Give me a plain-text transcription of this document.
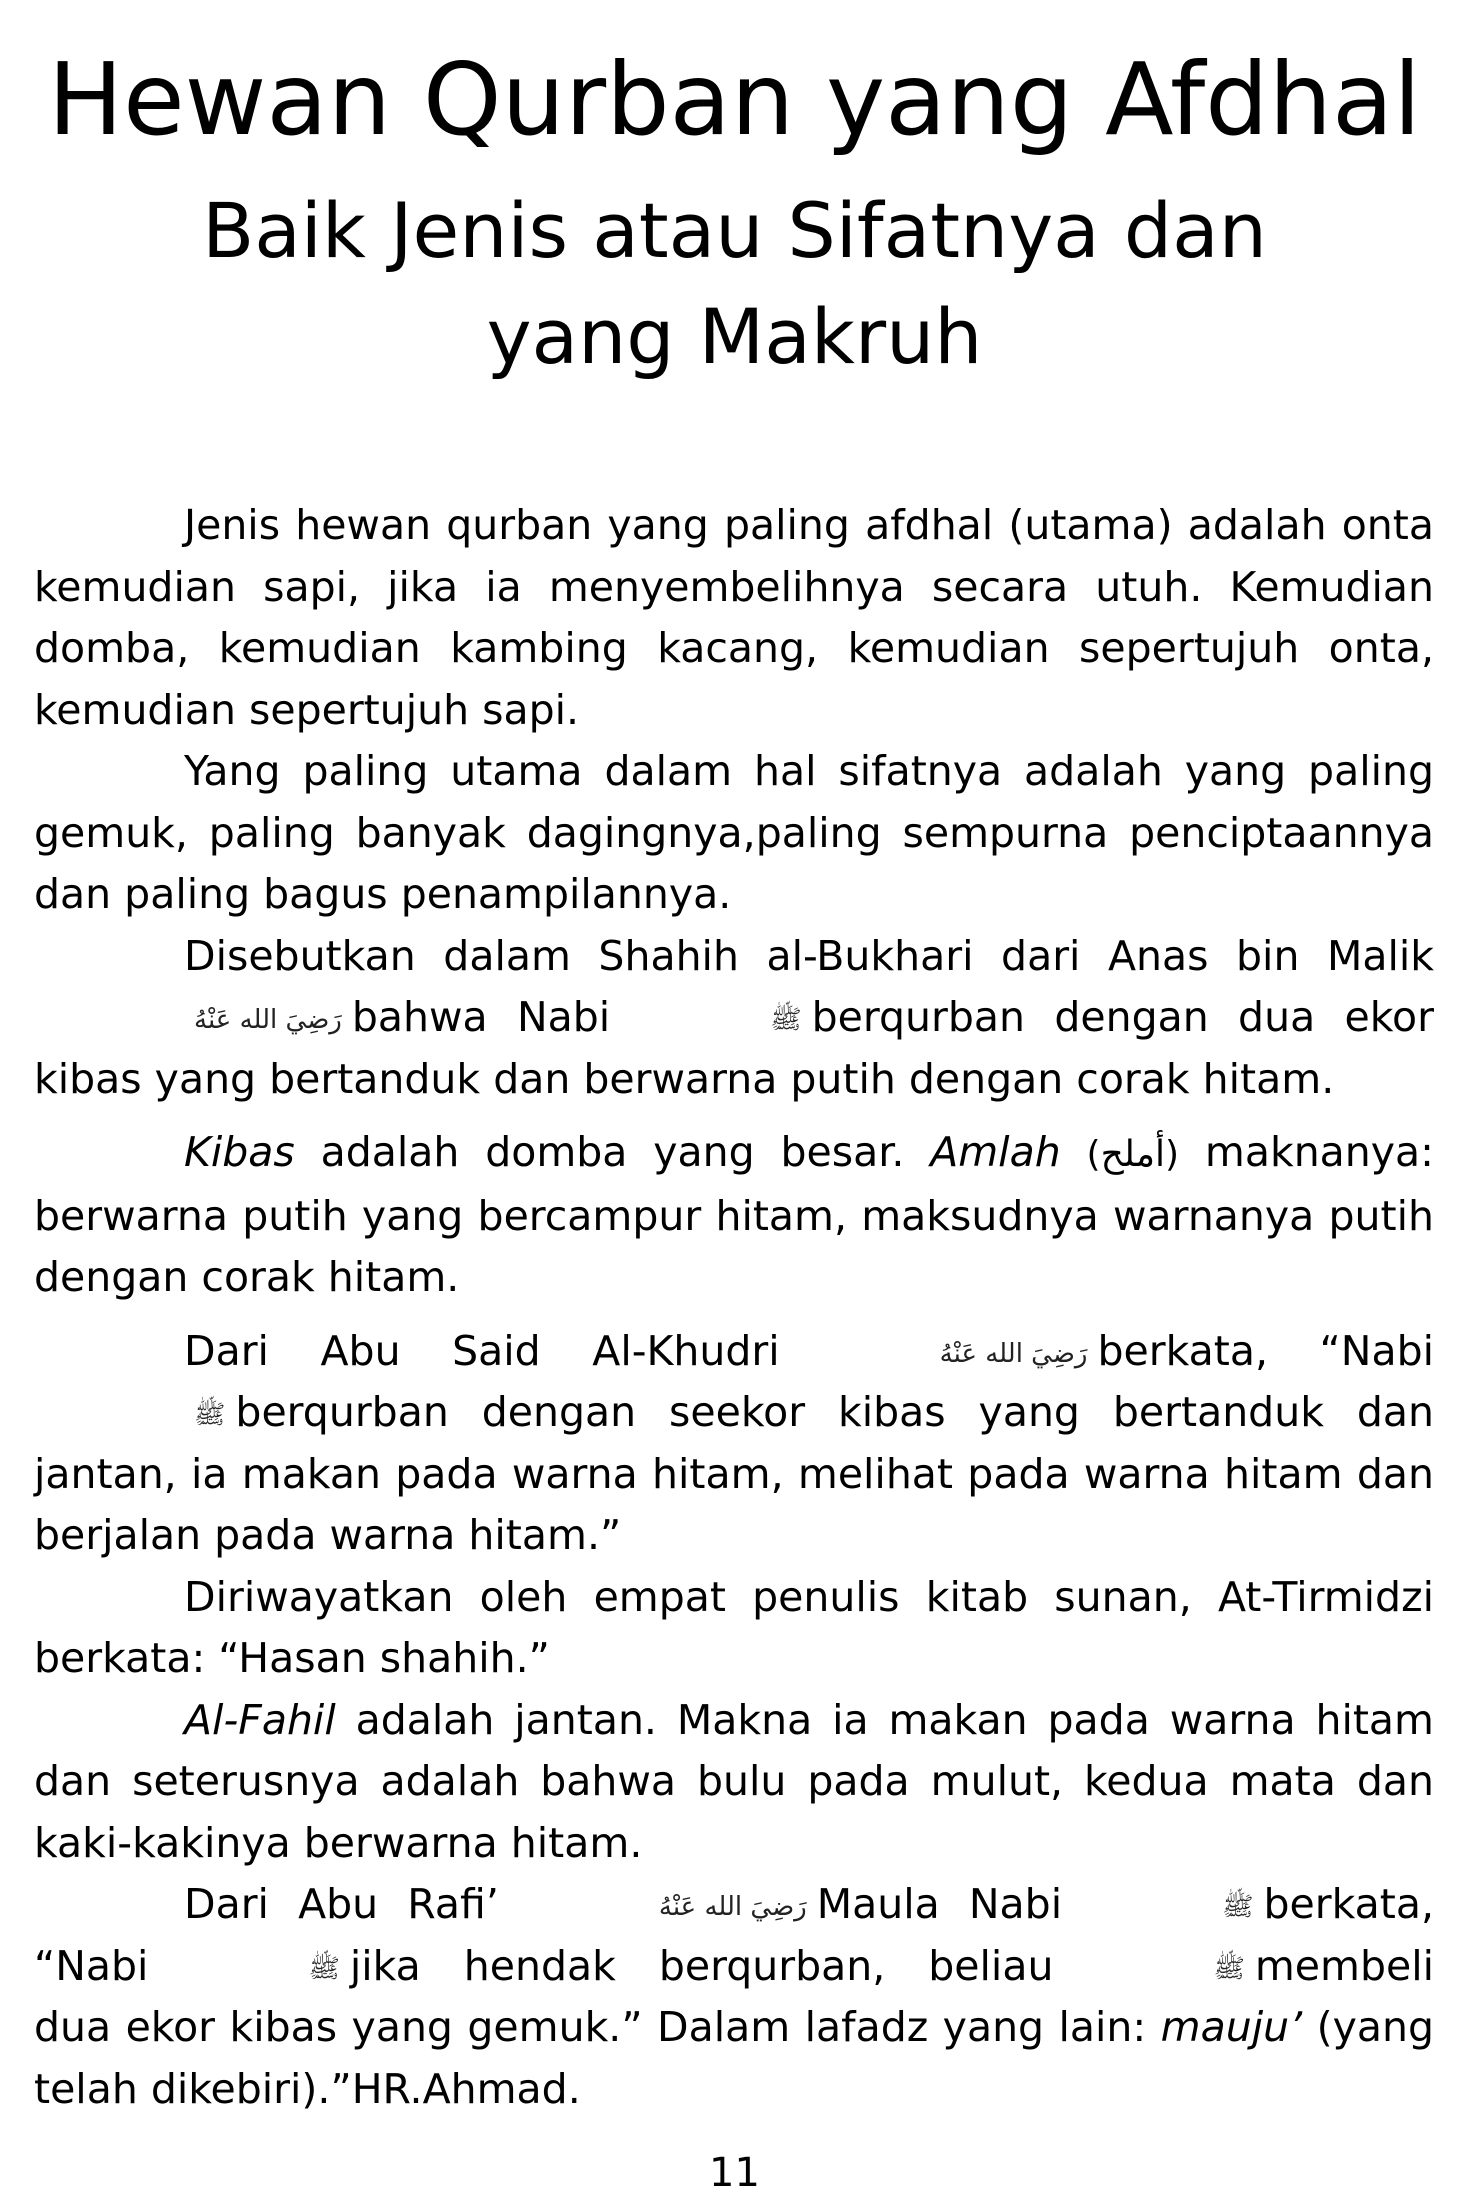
Hewan Qurban yang Afdhal
Baik Jenis atau Sifatnya dan yang Makruh

Jenis hewan qurban yang paling afdhal (utama) adalah onta kemudian sapi, jika ia menyembelihnya secara utuh. Kemudian domba, kemudian kambing kacang, kemudian sepertujuh onta, kemudian sepertujuh sapi.

Yang paling utama dalam hal sifatnya adalah yang paling gemuk, paling banyak dagingnya,paling sempurna penciptaannya dan paling bagus penampilannya.

Disebutkan dalam Shahih al-Bukhari dari Anas bin Malikرَضِيَ الله عَنْهُ bahwa Nabi	ﷺ berqurban dengan dua ekor kibas yang bertanduk dan berwarna putih dengan corak hitam.

Kibas adalah domba yang besar. Amlah (أملح) maknanya: berwarna putih yang bercampur hitam, maksudnya warnanya putih dengan corak hitam.

Dari Abu Said Al-Khudri	رَضِيَ الله عَنْهُ berkata, “Nabiﷺ berqurban dengan seekor kibas yang bertanduk dan jantan, ia makan pada warna hitam, melihat pada warna hitam dan berjalan pada warna hitam.”

Diriwayatkan oleh empat penulis kitab sunan, At-Tirmidzi berkata: “Hasan shahih.”

Al-Fahil adalah jantan. Makna ia makan pada warna hitam dan seterusnya adalah bahwa bulu pada mulut, kedua mata dan kaki-kakinya berwarna hitam.

Dari Abu Rafi’	رَضِيَ الله عَنْهُ Maula Nabi	ﷺ berkata, “Nabi	ﷺ jika hendak berqurban, beliau	ﷺ membeli dua ekor kibas yang gemuk.” Dalam lafadz yang lain: mauju’ (yang telah dikebiri).”HR.Ahmad.

11
